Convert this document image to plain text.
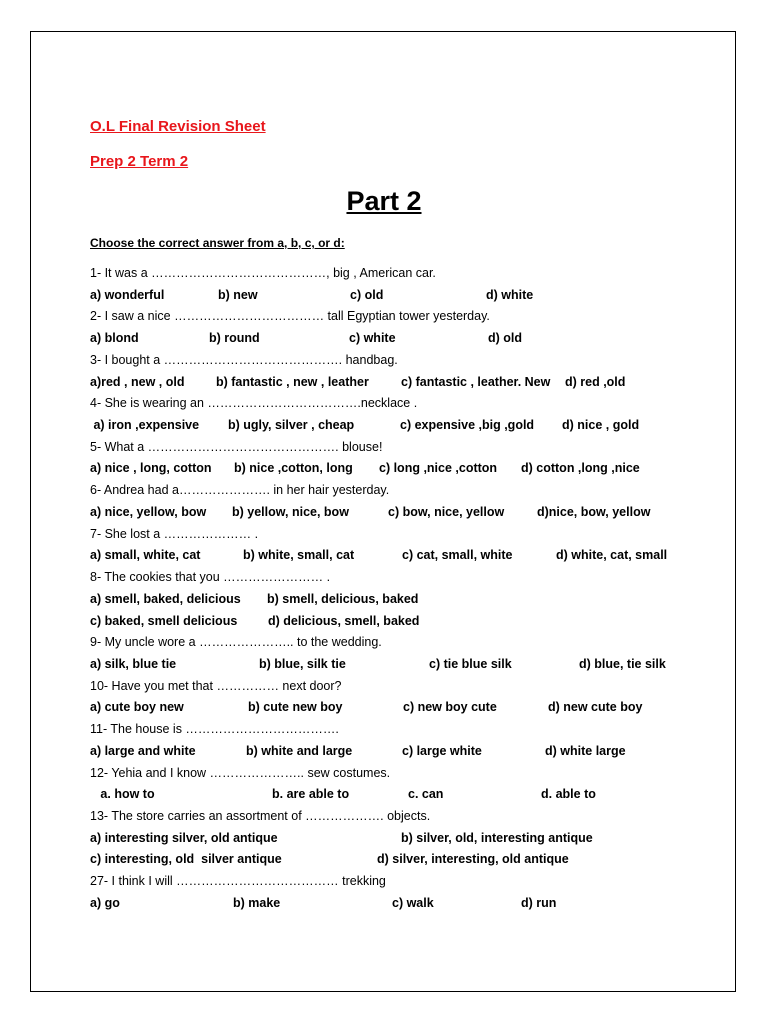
O.L Final Revision Sheet
Prep 2 Term 2
Part 2
Choose the correct answer from a, b, c, or d:
1- It was a ……………………………………, big , American car.
a) wonderful	b) new	c) old	d) white
2- I saw a nice ……………………………… tall Egyptian tower yesterday.
a) blond	b) round	c) white	d) old
3- I bought a ……………………………………. handbag.
a)red , new , old	b) fantastic , new , leather	c) fantastic , leather. New d) red ,old
4- She is wearing an ……………………………….necklace .
a) iron ,expensive b) ugly, silver , cheap	c) expensive ,big ,gold d) nice , gold
5- What a ………………………………………. blouse!
a) nice , long, cotton b) nice ,cotton, long c) long ,nice ,cotton d) cotton ,long ,nice
6- Andrea had a…………………. in her hair yesterday.
a) nice, yellow, bow b) yellow, nice, bow	c) bow, nice, yellow	d)nice, bow, yellow
7- She lost a ………………… .
a) small, white, cat	b) white, small, cat	c) cat, small, white	d) white, cat, small
8- The cookies that you …………………… .
a) smell, baked, delicious b) smell, delicious, baked
c) baked, smell delicious d) delicious, smell, baked
9- My uncle wore a ………………….. to the wedding.
a) silk, blue tie	b) blue, silk tie	c) tie blue silk	d) blue, tie silk
10- Have you met that …………… next door?
a) cute boy new	b) cute new boy	c) new boy cute	d) new cute boy
11- The house is ……………………………….
a) large and white	b) white and large	c) large white	d) white large
12- Yehia and I know ………………….. sew costumes.
a. how to	b. are able to	c. can	d. able to
13- The store carries an assortment of ………………. objects.
a) interesting silver, old antique	b) silver, old, interesting antique
c) interesting, old  silver antique	d) silver, interesting, old antique
27- I think I will ………………………………… trekking
a) go	b) make	c) walk	d) run
